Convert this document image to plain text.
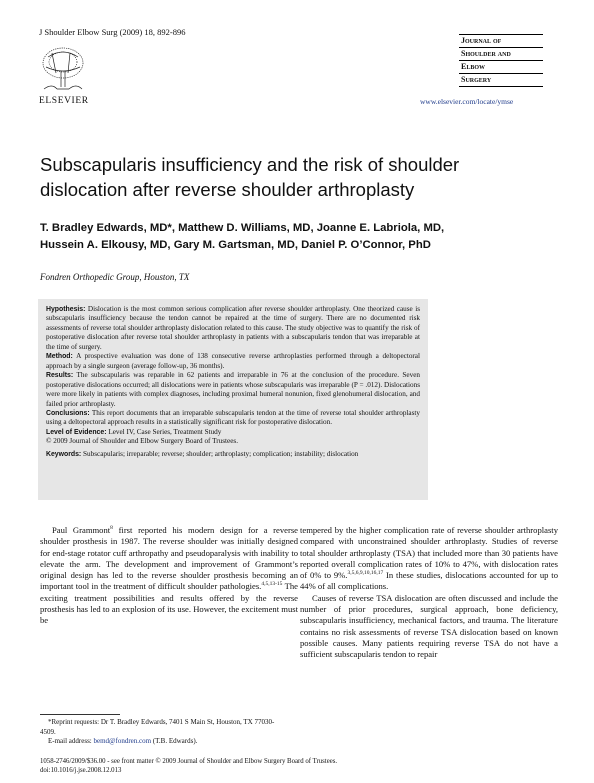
J Shoulder Elbow Surg (2009) 18, 892-896
ELSEVIER
Journal of
Shoulder and
Elbow
Surgery
www.elsevier.com/locate/ymse
Subscapularis insufficiency and the risk of shoulder dislocation after reverse shoulder arthroplasty
T. Bradley Edwards, MD*, Matthew D. Williams, MD, Joanne E. Labriola, MD,
Hussein A. Elkousy, MD, Gary M. Gartsman, MD, Daniel P. O’Connor, PhD
Fondren Orthopedic Group, Houston, TX

Hypothesis: Dislocation is the most common serious complication after reverse shoulder arthroplasty. One theorized cause is subscapularis insufficiency because the tendon cannot be repaired at the time of surgery. There are no documented risk assessments of reverse total shoulder arthroplasty dislocation related to this cause. The study objective was to quantify the risk of postoperative dislocation after reverse total shoulder arthroplasty in patients with a subscapularis tendon that was irreparable at the time of surgery.

Method: A prospective evaluation was done of 138 consecutive reverse arthroplasties performed through a deltopectoral approach by a single surgeon (average follow-up, 36 months).

Results: The subscapularis was reparable in 62 patients and irreparable in 76 at the conclusion of the procedure. Seven postoperative dislocations occurred; all dislocations were in patients whose subscapularis was irreparable (P = .012). Dislocations were more likely in patients with complex diagnoses, including proximal humeral nonunion, fixed glenohumeral dislocation, and failed prior arthroplasty.

Conclusions: This report documents that an irreparable subscapularis tendon at the time of reverse total shoulder arthroplasty using a deltopectoral approach results in a statistically significant risk for postoperative dislocation.

Level of Evidence: Level IV, Case Series, Treatment Study

© 2009 Journal of Shoulder and Elbow Surgery Board of Trustees.

Keywords: Subscapularis; irreparable; reverse; shoulder; arthroplasty; complication; instability; dislocation

Paul Grammont$^8$ first reported his modern design for a reverse shoulder prosthesis in 1987. The reverse shoulder was initially designed for end-stage rotator cuff arthropathy and pseudoparalysis with inability to elevate the arm. The development and improvement of Grammont’s original design has led to the reverse shoulder prosthesis becoming an important tool in the treatment of difficult shoulder pathologies.$^{4,5,13-15}$ The exciting treatment possibilities and results offered by the reverse prosthesis has led to an explosion of its use. However, the excitement must be

tempered by the higher complication rate of reverse shoulder arthroplasty compared with unconstrained shoulder arthroplasty. Studies of reverse total shoulder arthroplasty (TSA) that included more than 30 patients have reported overall complication rates of 10% to 47%, with dislocation rates of 0% to 9%.$^{3,5,6,9,10,16,17}$ In these studies, dislocations accounted for up to 44% of all complications.

Causes of reverse TSA dislocation are often discussed and include the number of prior procedures, surgical approach, bone deficiency, subscapularis insufficiency, mechanical factors, and trauma. The literature contains no risk assessments of reverse TSA dislocation based on known possible causes. Many patients requiring reverse TSA do not have a sufficient subscapularis tendon to repair

*Reprint requests: Dr T. Bradley Edwards, 7401 S Main St, Houston, TX 77030-4509.
E-mail address: bemd@fondren.com (T.B. Edwards).
1058-2746/2009/$36.00 - see front matter © 2009 Journal of Shoulder and Elbow Surgery Board of Trustees.
doi:10.1016/j.jse.2008.12.013
